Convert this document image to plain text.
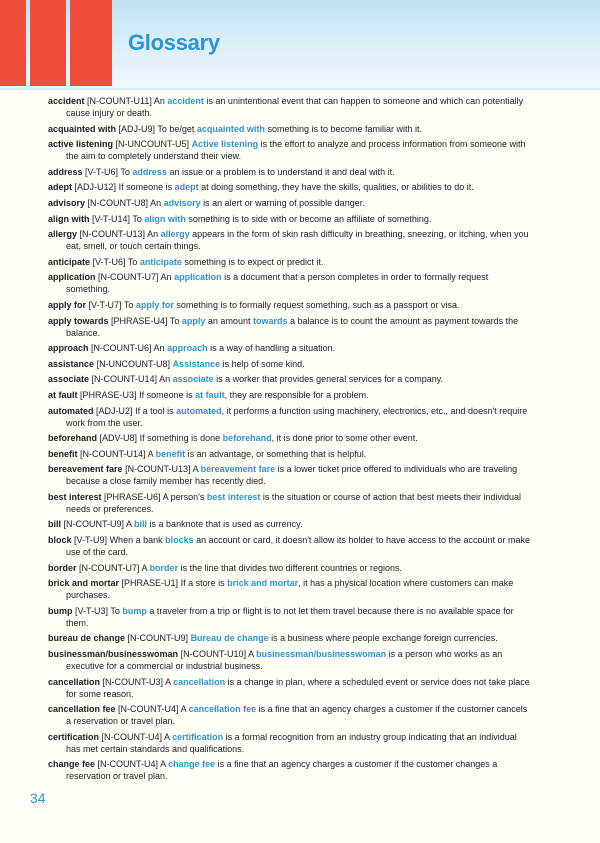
Glossary
accident [N-COUNT-U11] An accident is an unintentional event that can happen to someone and which can potentially cause injury or death.
acquainted with [ADJ-U9] To be/get acquainted with something is to become familiar with it.
active listening [N-UNCOUNT-U5] Active listening is the effort to analyze and process information from someone with the aim to completely understand their view.
address [V-T-U6] To address an issue or a problem is to understand it and deal with it.
adept [ADJ-U12] If someone is adept at doing something, they have the skills, qualities, or abilities to do it.
advisory [N-COUNT-U8] An advisory is an alert or warning of possible danger.
align with [V-T-U14] To align with something is to side with or become an affiliate of something.
allergy [N-COUNT-U13] An allergy appears in the form of skin rash difficulty in breathing, sneezing, or itching, when you eat, smell, or touch certain things.
anticipate [V-T-U6] To anticipate something is to expect or predict it.
application [N-COUNT-U7] An application is a document that a person completes in order to formally request something.
apply for [V-T-U7] To apply for something is to formally request something, such as a passport or visa.
apply towards [PHRASE-U4] To apply an amount towards a balance is to count the amount as payment towards the balance.
approach [N-COUNT-U6] An approach is a way of handling a situation.
assistance [N-UNCOUNT-U8] Assistance is help of some kind.
associate [N-COUNT-U14] An associate is a worker that provides general services for a company.
at fault [PHRASE-U3] If someone is at fault, they are responsible for a problem.
automated [ADJ-U2] If a tool is automated, it performs a function using machinery, electronics, etc., and doesn't require work from the user.
beforehand [ADV-U8] If something is done beforehand, it is done prior to some other event.
benefit [N-COUNT-U14] A benefit is an advantage, or something that is helpful.
bereavement fare [N-COUNT-U13] A bereavement fare is a lower ticket price offered to individuals who are traveling because a close family member has recently died.
best interest [PHRASE-U6] A person's best interest is the situation or course of action that best meets their individual needs or preferences.
bill [N-COUNT-U9] A bill is a banknote that is used as currency.
block [V-T-U9] When a bank blocks an account or card, it doesn't allow its holder to have access to the account or make use of the card.
border [N-COUNT-U7] A border is the line that divides two different countries or regions.
brick and mortar [PHRASE-U1] If a store is brick and mortar, it has a physical location where customers can make purchases.
bump [V-T-U3] To bump a traveler from a trip or flight is to not let them travel because there is no available space for them.
bureau de change [N-COUNT-U9] Bureau de change is a business where people exchange foreign currencies.
businessman/businesswoman [N-COUNT-U10] A businessman/businesswoman is a person who works as an executive for a commercial or industrial business.
cancellation [N-COUNT-U3] A cancellation is a change in plan, where a scheduled event or service does not take place for some reason.
cancellation fee [N-COUNT-U4] A cancellation fee is a fine that an agency charges a customer if the customer cancels a reservation or travel plan.
certification [N-COUNT-U4] A certification is a formal recognition from an industry group indicating that an individual has met certain standards and qualifications.
change fee [N-COUNT-U4] A change fee is a fine that an agency charges a customer if the customer changes a reservation or travel plan.
34
